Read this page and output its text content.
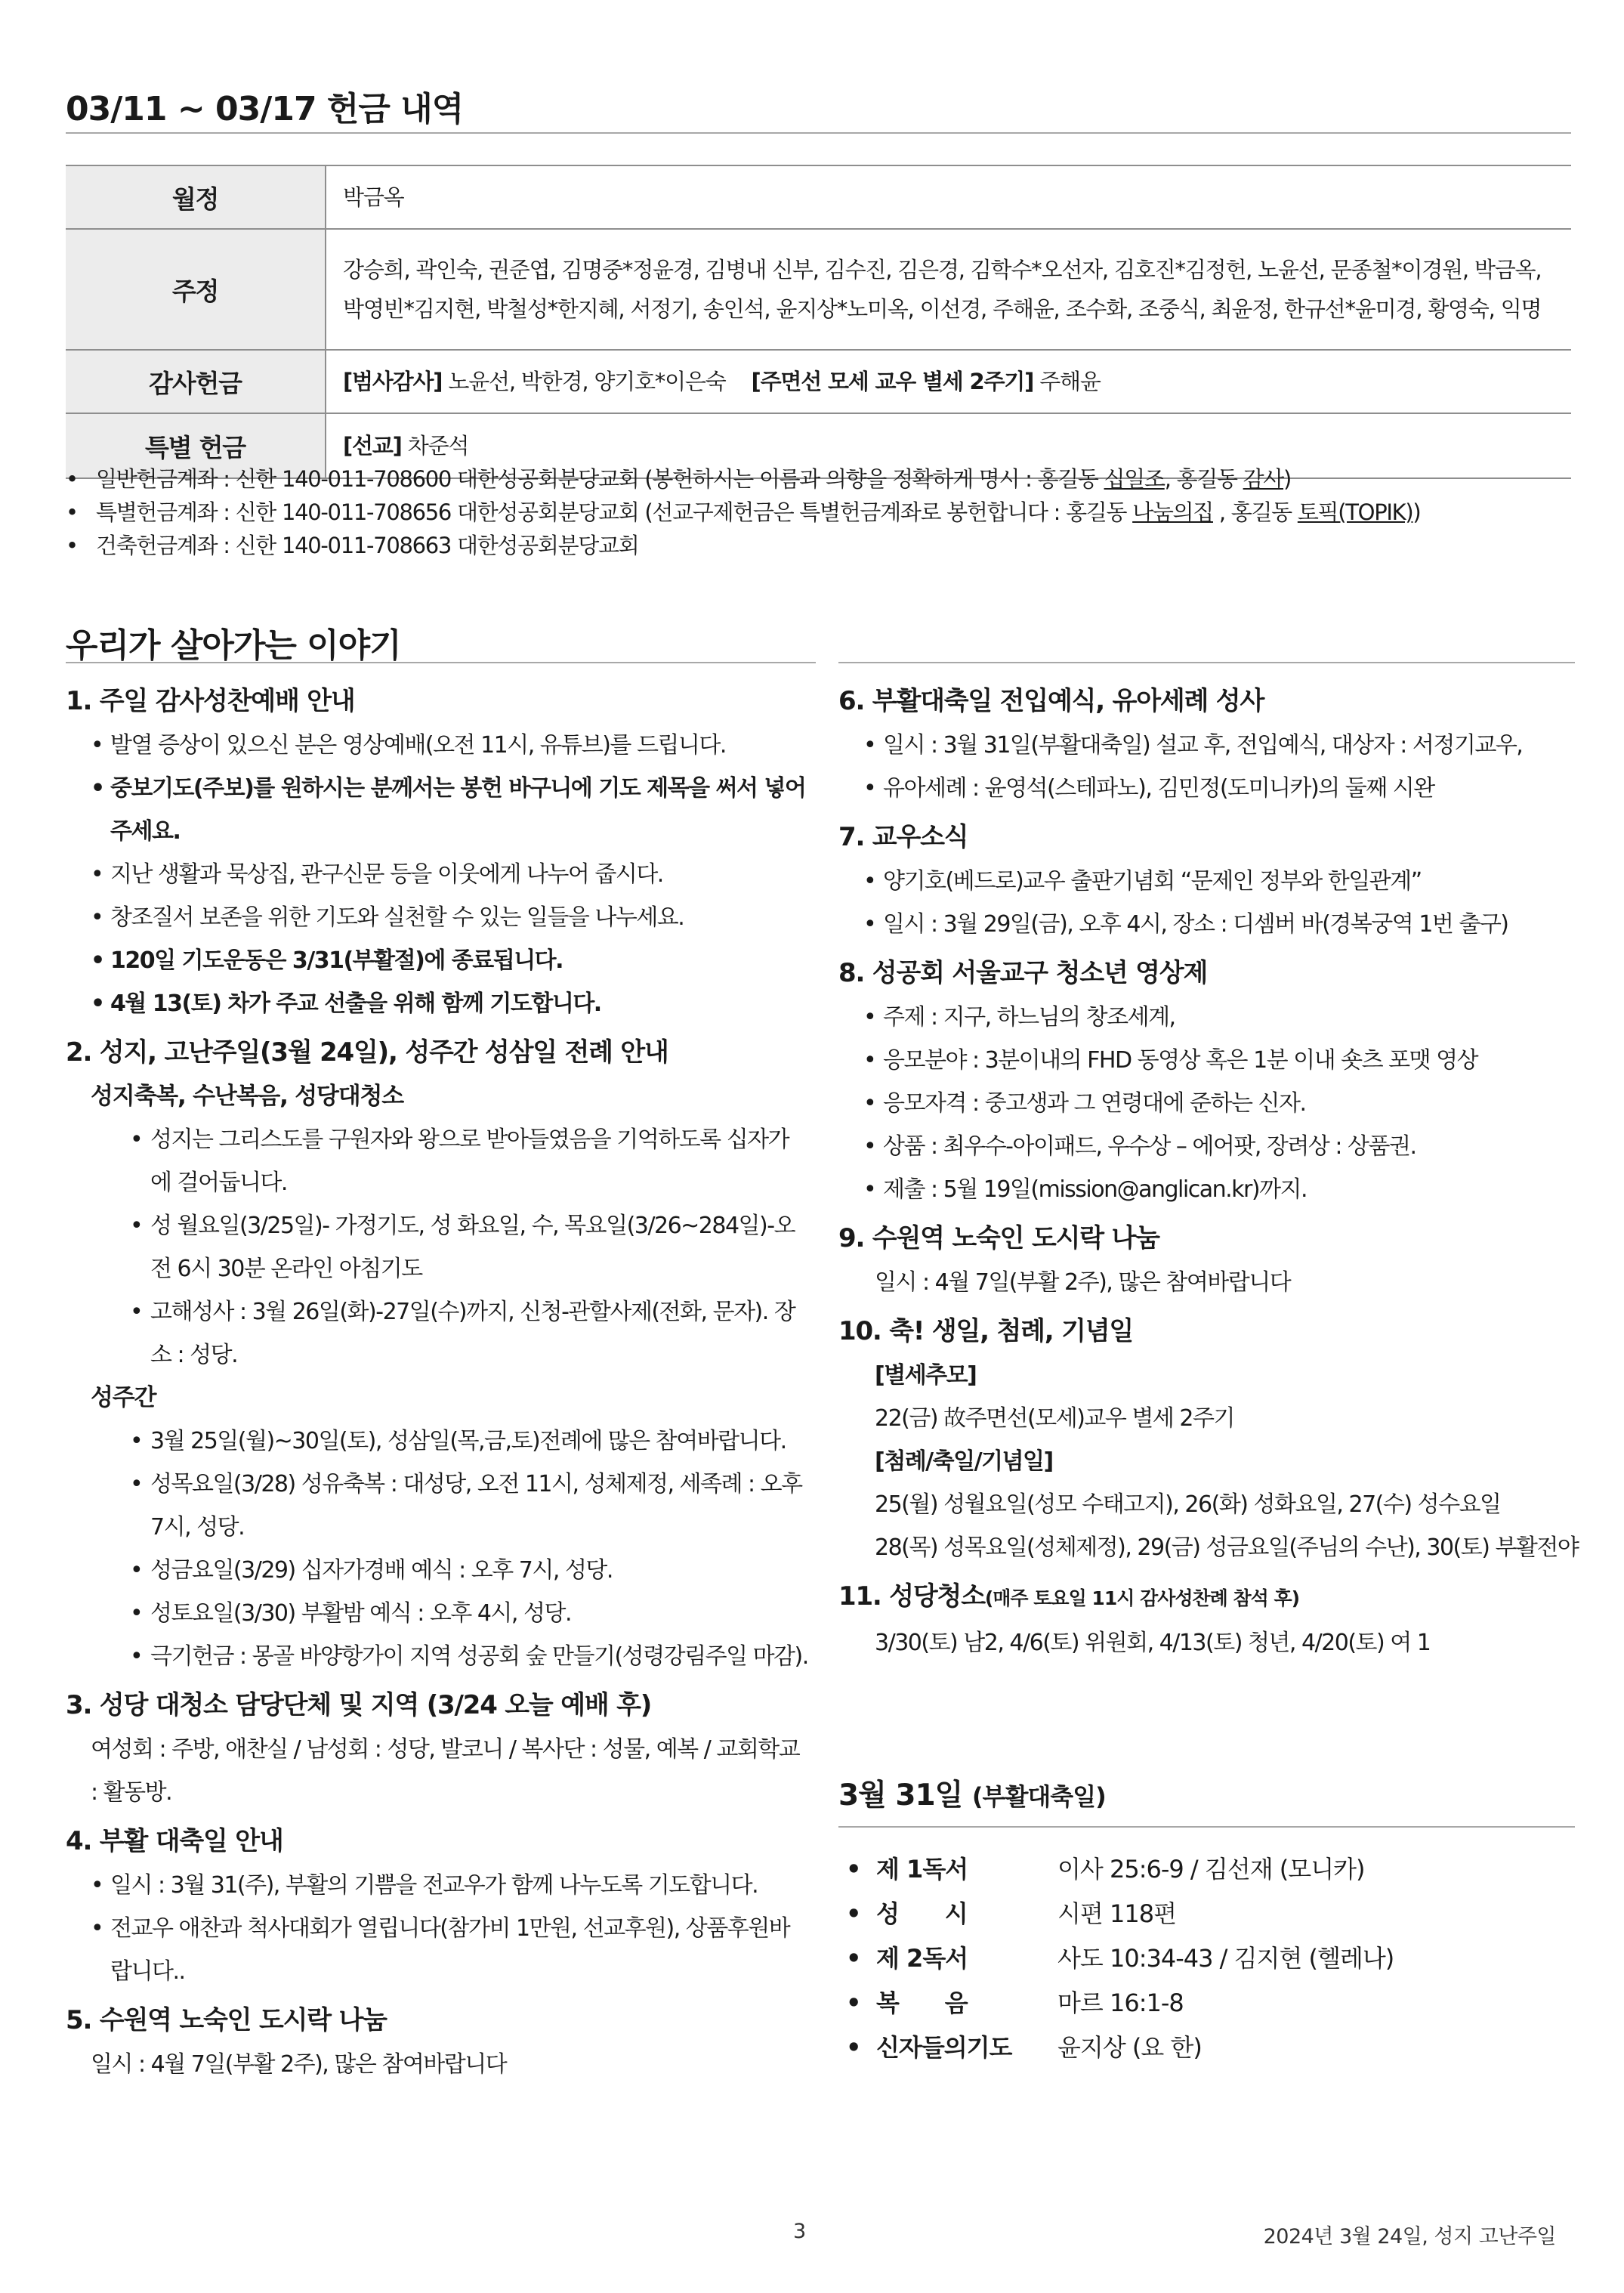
03/11 ~ 03/17 헌금 내역
월정	박금옥
주정	강승희, 곽인숙, 권준엽, 김명중*정윤경, 김병내 신부, 김수진, 김은경, 김학수*오선자, 김호진*김정헌, 노윤선, 문종철*이경원, 박금옥, 박영빈*김지현, 박철성*한지혜, 서정기, 송인석, 윤지상*노미옥, 이선경, 주해윤, 조수화, 조중식, 최윤정, 한규선*윤미경, 황영숙, 익명
감사헌금	[범사감사] 노윤선, 박한경, 양기호*이은숙 [주면선 모세 교우 별세 2주기] 주해윤
특별 헌금	[선교] 차준석
• 일반헌금계좌 : 신한 140-011-708600 대한성공회분당교회 (봉헌하시는 이름과 의향을 정확하게 명시 : 홍길동 십일조, 홍길동 감사)
• 특별헌금계좌 : 신한 140-011-708656 대한성공회분당교회 (선교구제헌금은 특별헌금계좌로 봉헌합니다 : 홍길동 나눔의집 , 홍길동 토픽(TOPIK))
• 건축헌금계좌 : 신한 140-011-708663 대한성공회분당교회
우리가 살아가는 이야기
1. 주일 감사성찬예배 안내
• 발열 증상이 있으신 분은 영상예배(오전 11시, 유튜브)를 드립니다.
• 중보기도(주보)를 원하시는 분께서는 봉헌 바구니에 기도 제목을 써서 넣어주세요.
• 지난 생활과 묵상집, 관구신문 등을 이웃에게 나누어 줍시다.
• 창조질서 보존을 위한 기도와 실천할 수 있는 일들을 나누세요.
• 120일 기도운동은 3/31(부활절)에 종료됩니다.
• 4월 13(토) 차가 주교 선출을 위해 함께 기도합니다.
2. 성지, 고난주일(3월 24일), 성주간 성삼일 전례 안내
성지축복, 수난복음, 성당대청소
• 성지는 그리스도를 구원자와 왕으로 받아들였음을 기억하도록 십자가에 걸어둡니다.
• 성 월요일(3/25일)- 가정기도, 성 화요일, 수, 목요일(3/26~284일)-오전 6시 30분 온라인 아침기도
• 고해성사 : 3월 26일(화)-27일(수)까지, 신청-관할사제(전화, 문자). 장소 : 성당.
성주간
• 3월 25일(월)~30일(토), 성삼일(목,금,토)전례에 많은 참여바랍니다.
• 성목요일(3/28) 성유축복 : 대성당, 오전 11시, 성체제정, 세족례 : 오후 7시, 성당.
• 성금요일(3/29) 십자가경배 예식 : 오후 7시, 성당.
• 성토요일(3/30) 부활밤 예식 : 오후 4시, 성당.
• 극기헌금 : 몽골 바양항가이 지역 성공회 숲 만들기(성령강림주일 마감).
3. 성당 대청소 담당단체 및 지역 (3/24 오늘 예배 후)
여성회 : 주방, 애찬실 / 남성회 : 성당, 발코니 / 복사단 : 성물, 예복 / 교회학교 : 활동방.
4. 부활 대축일 안내
• 일시 : 3월 31(주), 부활의 기쁨을 전교우가 함께 나누도록 기도합니다.
• 전교우 애찬과 척사대회가 열립니다(참가비 1만원, 선교후원), 상품후원바랍니다..
5. 수원역 노숙인 도시락 나눔
일시 : 4월 7일(부활 2주), 많은 참여바랍니다
6. 부활대축일 전입예식, 유아세례 성사
• 일시 : 3월 31일(부활대축일) 설교 후, 전입예식, 대상자 : 서정기교우,
• 유아세례 : 윤영석(스테파노), 김민정(도미니카)의 둘째 시완
7. 교우소식
• 양기호(베드로)교우 출판기념회 “문제인 정부와 한일관계”
• 일시 : 3월 29일(금), 오후 4시, 장소 : 디셈버 바(경복궁역 1번 출구)
8. 성공회 서울교구 청소년 영상제
• 주제 : 지구, 하느님의 창조세계,
• 응모분야 : 3분이내의 FHD 동영상 혹은 1분 이내 숏츠 포맷 영상
• 응모자격 : 중고생과 그 연령대에 준하는 신자.
• 상품 : 최우수-아이패드, 우수상 – 에어팟, 장려상 : 상품권.
• 제출 : 5월 19일(mission@anglican.kr)까지.
9. 수원역 노숙인 도시락 나눔
일시 : 4월 7일(부활 2주), 많은 참여바랍니다
10. 축! 생일, 첨례, 기념일
[별세추모]
22(금) 故주면선(모세)교우 별세 2주기
[첨례/축일/기념일]
25(월) 성월요일(성모 수태고지), 26(화) 성화요일, 27(수) 성수요일
28(목) 성목요일(성체제정), 29(금) 성금요일(주님의 수난), 30(토) 부활전야
11. 성당청소(매주 토요일 11시 감사성찬례 참석 후)
3/30(토) 남2, 4/6(토) 위원회, 4/13(토) 청년, 4/20(토) 여 1
3월 31일 (부활대축일)
• 제 1독서	이사 25:6-9 / 김선재 (모니카)
• 성      시	시편 118편
• 제 2독서	사도 10:34-43 / 김지현 (헬레나)
• 복      음	마르 16:1-8
• 신자들의기도 윤지상 (요 한)
3	2024년 3월 24일, 성지 고난주일
